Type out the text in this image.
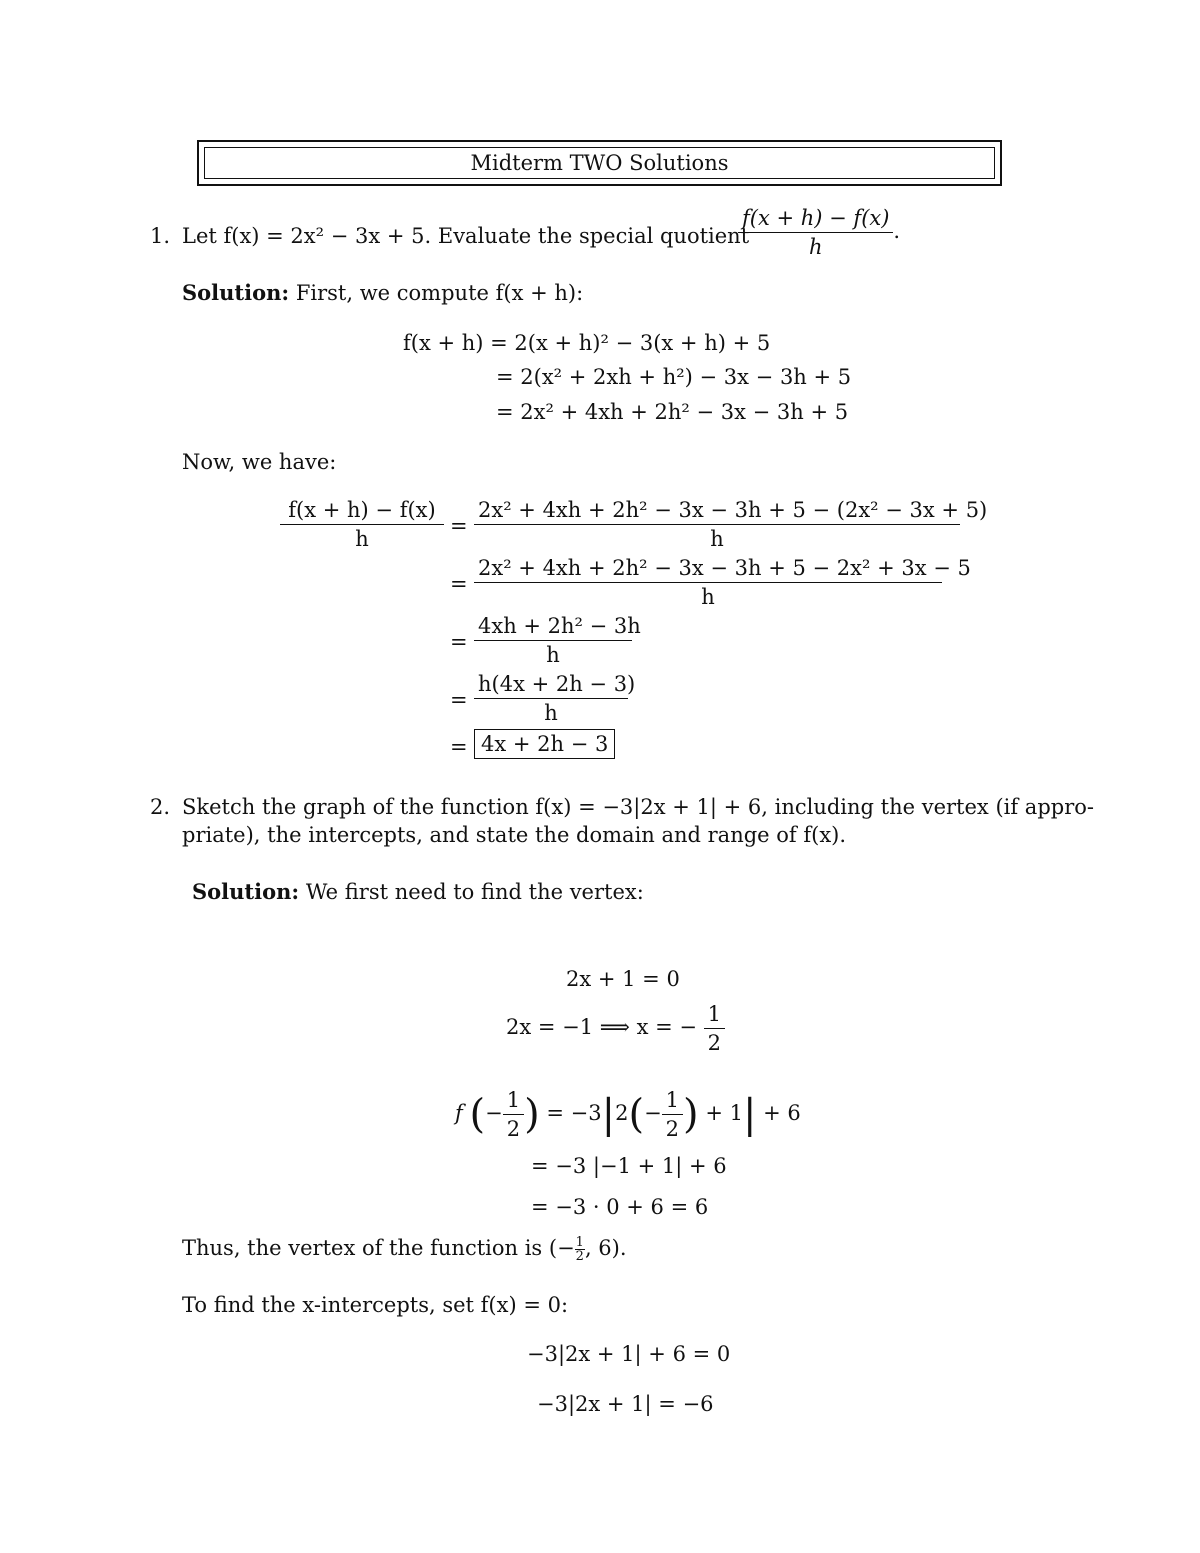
Midterm TWO Solutions
1. Let f(x) = 2x² − 3x + 5. Evaluate the special quotient
$\frac{f(x + h) - f(x)}{h}$ .
Solution: First, we compute f(x + h):
f(x + h) = 2(x + h)² − 3(x + h) + 5
= 2(x² + 2xh + h²) − 3x − 3h + 5
= 2x² + 4xh + 2h² − 3x − 3h + 5
Now, we have:
$\frac{f(x + h) - f(x)}{h} = \frac{\text{2x² + 4xh + 2h² − 3x − 3h + 5 − (2x² − 3x + 5)}}{h}$
= $\frac{\text{2x² + 4xh + 2h² − 3x − 3h + 5 − 2x² + 3x − 5}}{h}$
= $\frac{\text{4xh + 2h² − 3h}}{h}$
= $\frac{h(4x + 2h - 3)}{h}$
= 4x + 2h − 3
2. Sketch the graph of the function f(x) = −3|2x + 1| + 6, including the vertex (if appro-
priate), the intercepts, and state the domain and range of f(x).
Solution: We first need to find the vertex:
2x + 1 = 0
2x = −1 ⟹ x = − $\frac{1}{2}$
f (− $\frac{1}{2}$ ) = $-3|2(- \frac{1}{2}$ ) + 1| + 6
= −3 |−1 + 1| + 6
= −3 · 0 + 6 = 6
Thus, the vertex of the function is (− $\frac{1}{2}$ , 6).
To find the x-intercepts, set f(x) = 0:
−3|2x + 1| + 6 = 0
−3|2x + 1| = −6
